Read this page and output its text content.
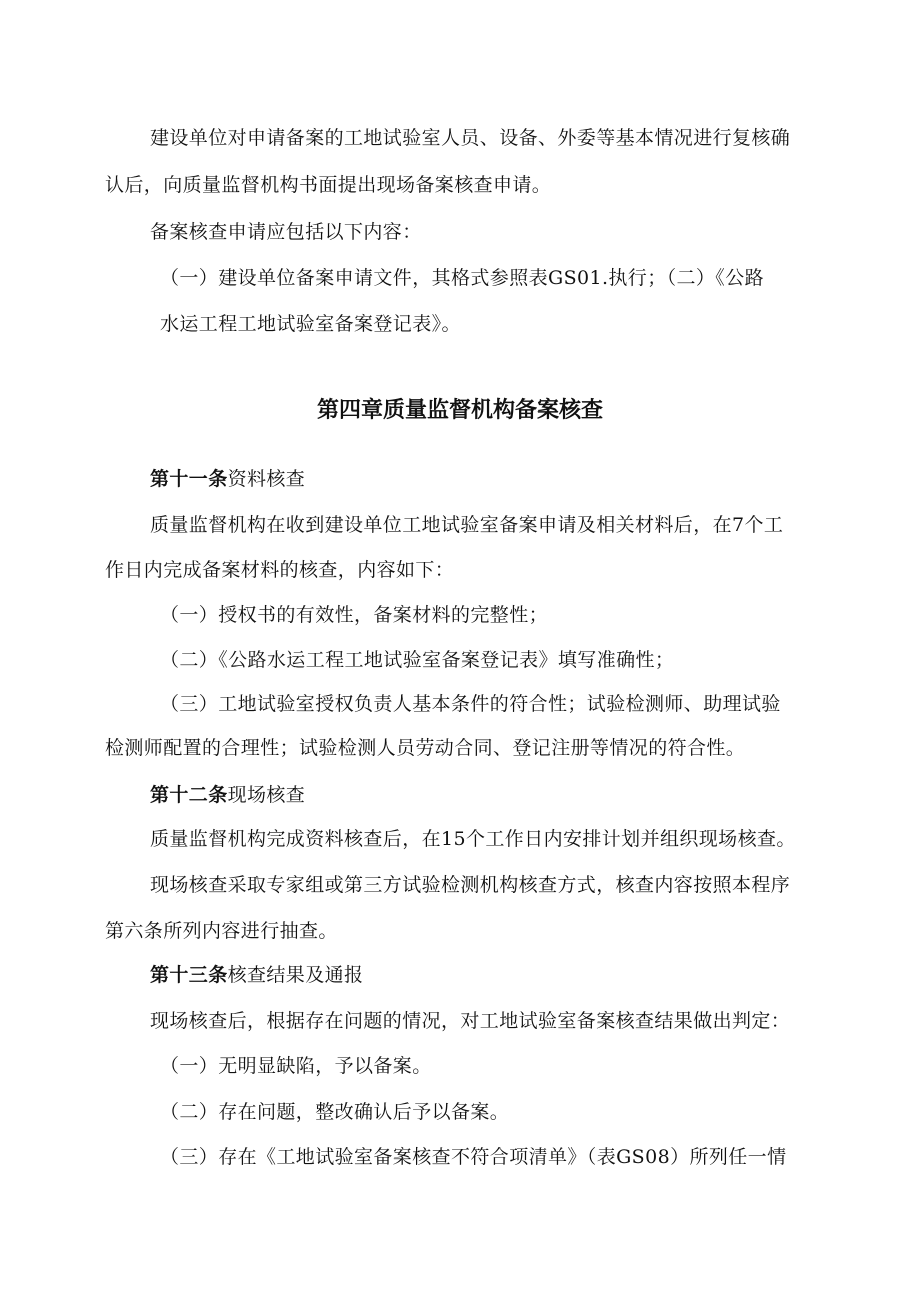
建设单位对申请备案的工地试验室人员、设备、外委等基本情况进行复核确
认后，向质量监督机构书面提出现场备案核查申请。
备案核查申请应包括以下内容：
（一）建设单位备案申请文件，其格式参照表GS01.执行；（二）《公路
水运工程工地试验室备案登记表》。
第四章质量监督机构备案核查
第十一条资料核查
质量监督机构在收到建设单位工地试验室备案申请及相关材料后，在7个工
作日内完成备案材料的核查，内容如下：
（一）授权书的有效性，备案材料的完整性；
（二）《公路水运工程工地试验室备案登记表》填写准确性；
（三）工地试验室授权负责人基本条件的符合性；试验检测师、助理试验
检测师配置的合理性；试验检测人员劳动合同、登记注册等情况的符合性。
第十二条现场核查
质量监督机构完成资料核查后，在15个工作日内安排计划并组织现场核查。
现场核查采取专家组或第三方试验检测机构核查方式，核查内容按照本程序
第六条所列内容进行抽查。
第十三条核查结果及通报
现场核查后，根据存在问题的情况，对工地试验室备案核查结果做出判定：
（一）无明显缺陷，予以备案。
（二）存在问题，整改确认后予以备案。
（三）存在《工地试验室备案核查不符合项清单》（表GS08）所列任一情
